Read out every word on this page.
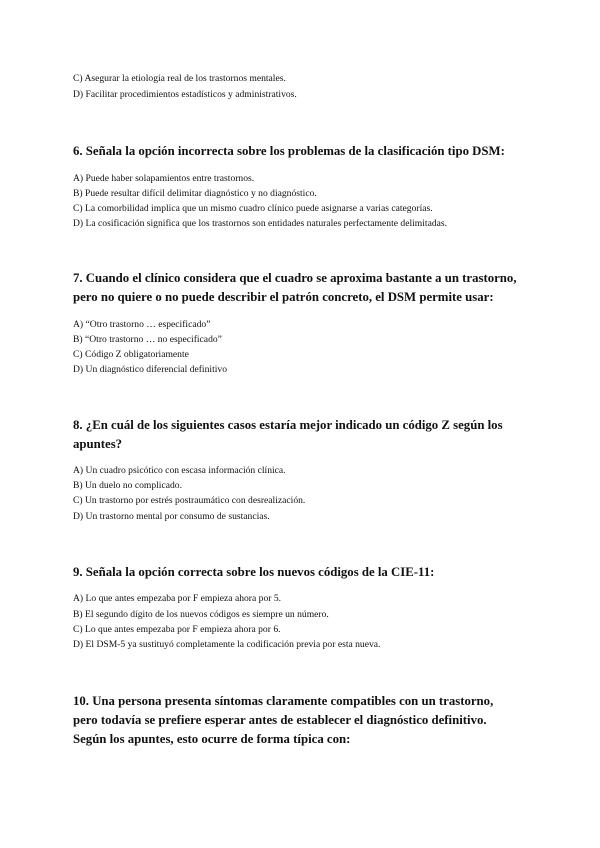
C) Asegurar la etiología real de los trastornos mentales.

D) Facilitar procedimientos estadísticos y administrativos.

6. Señala la opción incorrecta sobre los problemas de la clasificación tipo DSM:

A) Puede haber solapamientos entre trastornos.

B) Puede resultar difícil delimitar diagnóstico y no diagnóstico.

C) La comorbilidad implica que un mismo cuadro clínico puede asignarse a varias categorías.

D) La cosificación significa que los trastornos son entidades naturales perfectamente delimitadas.

7. Cuando el clínico considera que el cuadro se aproxima bastante a un trastorno,

pero no quiere o no puede describir el patrón concreto, el DSM permite usar:

A) “Otro trastorno … especificado”

B) “Otro trastorno … no especificado”

C) Código Z obligatoriamente

D) Un diagnóstico diferencial definitivo

8. ¿En cuál de los siguientes casos estaría mejor indicado un código Z según los

apuntes?

A) Un cuadro psicótico con escasa información clínica.

B) Un duelo no complicado.

C) Un trastorno por estrés postraumático con desrealización.

D) Un trastorno mental por consumo de sustancias.

9. Señala la opción correcta sobre los nuevos códigos de la CIE-11:

A) Lo que antes empezaba por F empieza ahora por 5.

B) El segundo dígito de los nuevos códigos es siempre un número.

C) Lo que antes empezaba por F empieza ahora por 6.

D) El DSM-5 ya sustituyó completamente la codificación previa por esta nueva.

10. Una persona presenta síntomas claramente compatibles con un trastorno,

pero todavía se prefiere esperar antes de establecer el diagnóstico definitivo.

Según los apuntes, esto ocurre de forma típica con:
